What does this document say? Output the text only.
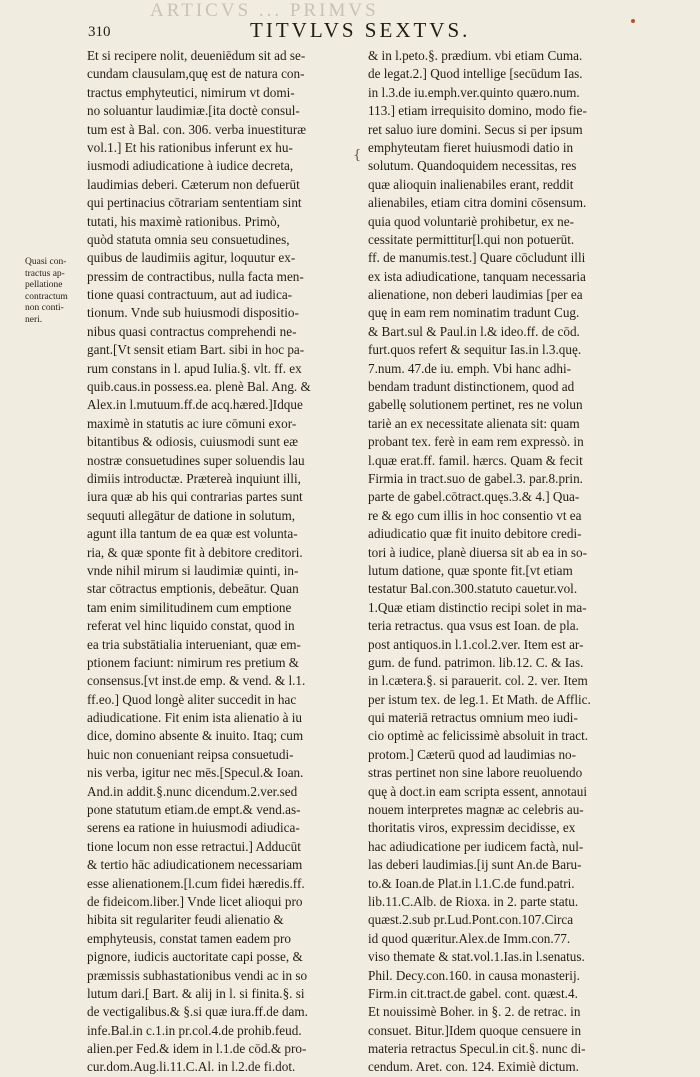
ARTICVS ... PRIMVS
310	TITVLVS SEXTVS.
Quasi con-
tractus ap-
pellatione
contractum
non conti-
neri.
{
Et si recipere nolit, deueniēdum sit ad se-
cundam clausulam,quę est de natura con-
tractus emphyteutici, nimirum vt domi-
no soluantur laudimiæ.[ita doctè consul-
tum est à Bal. con. 306. verba inuestituræ
vol.1.] Et his rationibus inferunt ex hu-
iusmodi adiudicatione à iudice decreta,
laudimias deberi. Cæterum non defuerūt
qui pertinacius cōtrariam sententiam sint
tutati, his maximè rationibus. Primò,
quòd statuta omnia seu consuetudines,
quibus de laudimiis agitur, loquutur ex-
pressim de contractibus, nulla facta men-
tione quasi contractuum, aut ad iudica-
tionum. Vnde sub huiusmodi dispositio-
nibus quasi contractus comprehendi ne-
gant.[Vt sensit etiam Bart. sibi in hoc pa-
rum constans in l. apud Iulia.§. vlt. ff. ex
quib.caus.in possess.ea. plenè Bal. Ang. &
Alex.in l.mutuum.ff.de acq.hæred.]Idque
maximè in statutis ac iure cōmuni exor-
bitantibus & odiosis, cuiusmodi sunt eæ
nostræ consuetudines super soluendis lau
dimiis introductæ. Prætereà inquiunt illi,
iura quæ ab his qui contrarias partes sunt
sequuti allegātur de datione in solutum,
agunt illa tantum de ea quæ est volunta-
ria, & quæ sponte fit à debitore creditori.
vnde nihil mirum si laudimiæ quinti, in-
star cōtractus emptionis, debeātur. Quan
tam enim similitudinem cum emptione
referat vel hinc liquido constat, quod in
ea tria substātialia interueniant, quæ em-
ptionem faciunt: nimirum res pretium &
consensus.[vt inst.de emp. & vend. & l.1.
ff.eo.] Quod longè aliter succedit in hac
adiudicatione. Fit enim ista alienatio à iu
dice, domino absente & inuito. Itaq; cum
huic non conueniant reipsa consuetudi-
nis verba, igitur nec mēs.[Specul.& Ioan.
And.in addit.§.nunc dicendum.2.ver.sed
pone statutum etiam.de empt.& vend.as-
serens ea ratione in huiusmodi adiudica-
tione locum non esse retractui.] Adducūt
& tertio hāc adiudicationem necessariam
esse alienationem.[l.cum fidei hæredis.ff.
de fideicom.liber.] Vnde licet alioqui pro
hibita sit regulariter feudi alienatio &
emphyteusis, constat tamen eadem pro
pignore, iudicis auctoritate capi posse, &
præmissis subhastationibus vendi ac in so
lutum dari.[ Bart. & alij in l. si finita.§. si
de vectigalibus.& §.si quæ iura.ff.de dam.
infe.Bal.in c.1.in pr.col.4.de prohib.feud.
alien.per Fed.& idem in l.1.de cōd.& pro-
cur.dom.Aug.li.11.C.Al. in l.2.de fi.dot.
& in l.peto.§. prædium. vbi etiam Cuma.
de legat.2.] Quod intellige [secūdum Ias.
in l.3.de iu.emph.ver.quinto quæro.num.
113.] etiam irrequisito domino, modo fie-
ret saluo iure domini. Secus si per ipsum
emphyteutam fieret huiusmodi datio in
solutum. Quandoquidem necessitas, res
quæ alioquin inalienabiles erant, reddit
alienabiles, etiam citra domini cōsensum.
quia quod voluntariè prohibetur, ex ne-
cessitate permittitur[l.qui non potuerūt.
ff. de manumis.test.] Quare cōcludunt illi
ex ista adiudicatione, tanquam necessaria
alienatione, non deberi laudimias [per ea
quę in eam rem nominatim tradunt Cug.
& Bart.sul & Paul.in l.& ideo.ff. de cōd.
furt.quos refert & sequitur Ias.in l.3.quę.
7.num. 47.de iu. emph. Vbi hanc adhi-
bendam tradunt distinctionem, quod ad
gabellę solutionem pertinet, res ne volun
tariè an ex necessitate alienata sit: quam
probant tex. ferè in eam rem expressò. in
l.quæ erat.ff. famil. hærcs. Quam & fecit
Firmia in tract.suo de gabel.3. par.8.prin.
parte de gabel.cōtract.quęs.3.& 4.] Qua-
re & ego cum illis in hoc consentio vt ea
adiudicatio quæ fit inuito debitore credi-
tori à iudice, planè diuersa sit ab ea in so-
lutum datione, quæ sponte fit.[vt etiam
testatur Bal.con.300.statuto cauetur.vol.
1.Quæ etiam distinctio recipi solet in ma-
teria retractus. qua vsus est Ioan. de pla.
post antiquos.in l.1.col.2.ver. Item est ar-
gum. de fund. patrimon. lib.12. C. & Ias.
in l.cætera.§. si parauerit. col. 2. ver. Item
per istum tex. de leg.1. Et Math. de Afflic.
qui materiā retractus omnium meo iudi-
cio optimè ac felicissimè absoluit in tract.
protom.] Cæterū quod ad laudimias no-
stras pertinet non sine labore reuoluendo
quę à doct.in eam scripta essent, annotaui
nouem interpretes magnæ ac celebris au-
thoritatis viros, expressim decidisse, ex
hac adiudicatione per iudicem factà, nul-
las deberi laudimias.[ij sunt An.de Baru-
to.& Ioan.de Plat.in l.1.C.de fund.patri.
lib.11.C.Alb. de Rioxa. in 2. parte statu.
quæst.2.sub pr.Lud.Pont.con.107.Circa
id quod quæritur.Alex.de Imm.con.77.
viso themate & stat.vol.1.Ias.in l.senatus.
Phil. Decy.con.160. in causa monasterij.
Firm.in cit.tract.de gabel. cont. quæst.4.
Et nouissimè Boher. in §. 2. de retrac. in
consuet. Bitur.]Idem quoque censuere in
materia retractus Specul.in cit.§. nunc di-
cendum. Aret. con. 124. Eximiè dictum.
